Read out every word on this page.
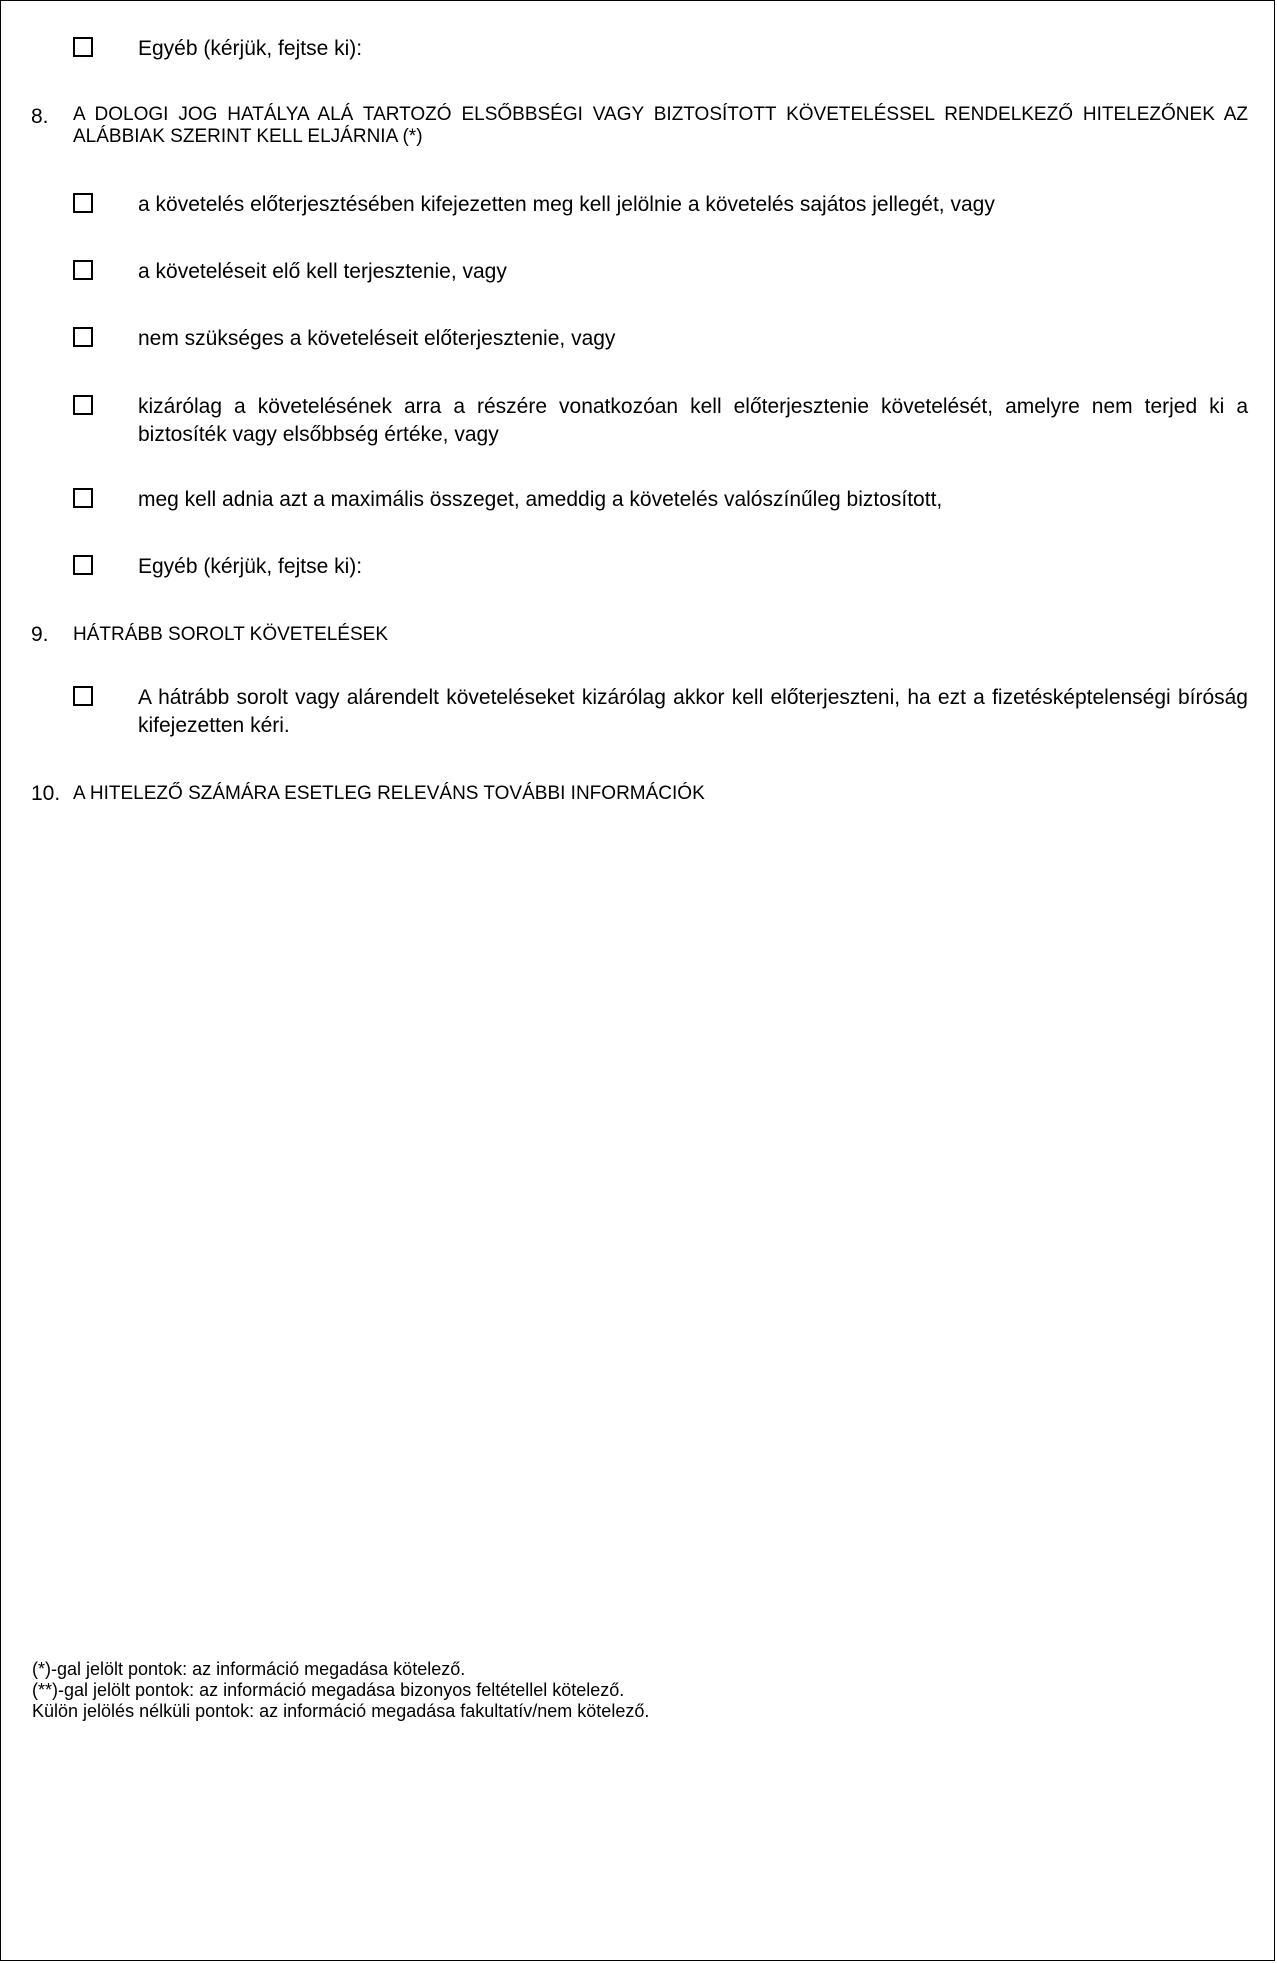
Egyéb (kérjük, fejtse ki):
8.	A DOLOGI JOG HATÁLYA ALÁ TARTOZÓ ELSŐBBSÉGI VAGY BIZTOSÍTOTT KÖVETELÉSSEL RENDELKEZŐ HITELEZŐNEK AZ ALÁBBIAK SZERINT KELL ELJÁRNIA (*)
a követelés előterjesztésében kifejezetten meg kell jelölnie a követelés sajátos jellegét, vagy
a követeléseit elő kell terjesztenie, vagy
nem szükséges a követeléseit előterjesztenie, vagy
kizárólag a követelésének arra a részére vonatkozóan kell előterjesztenie követelését, amelyre nem terjed ki a biztosíték vagy elsőbbség értéke, vagy
meg kell adnia azt a maximális összeget, ameddig a követelés valószínűleg biztosított,
Egyéb (kérjük, fejtse ki):
9.	HÁTRÁBB SOROLT KÖVETELÉSEK
A hátrább sorolt vagy alárendelt követeléseket kizárólag akkor kell előterjeszteni, ha ezt a fizetésképtelenségi bíróság kifejezetten kéri.
10. A HITELEZŐ SZÁMÁRA ESETLEG RELEVÁNS TOVÁBBI INFORMÁCIÓK
(*)-gal jelölt pontok: az információ megadása kötelező.
(**)-gal jelölt pontok: az információ megadása bizonyos feltétellel kötelező.
Külön jelölés nélküli pontok: az információ megadása fakultatív/nem kötelező.
